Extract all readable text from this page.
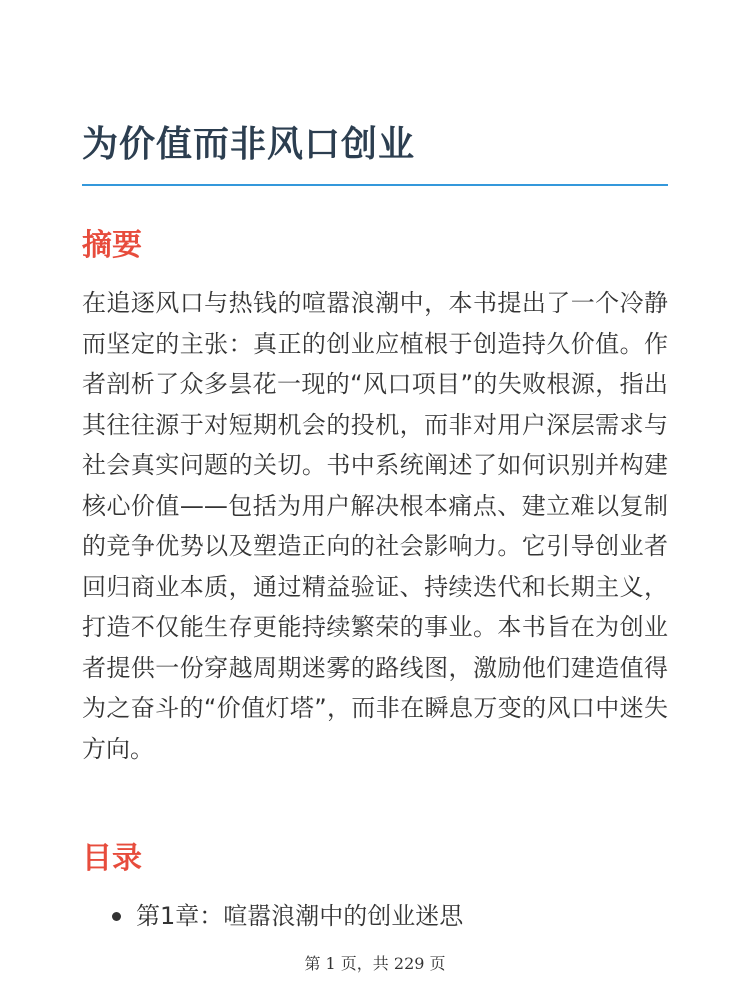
为价值而非风口创业
摘要

在追逐风口与热钱的喧嚣浪潮中，本书提出了一个冷静而坚定的主张：真正的创业应植根于创造持久价值。作者剖析了众多昙花一现的“风口项目”的失败根源，指出其往往源于对短期机会的投机，而非对用户深层需求与社会真实问题的关切。书中系统阐述了如何识别并构建核心价值——包括为用户解决根本痛点、建立难以复制的竞争优势以及塑造正向的社会影响力。它引导创业者回归商业本质，通过精益验证、持续迭代和长期主义，打造不仅能生存更能持续繁荣的事业。本书旨在为创业者提供一份穿越周期迷雾的路线图，激励他们建造值得为之奋斗的“价值灯塔”，而非在瞬息万变的风口中迷失方向。

目录
第1章：喧嚣浪潮中的创业迷思
第 1 页，共 229 页
